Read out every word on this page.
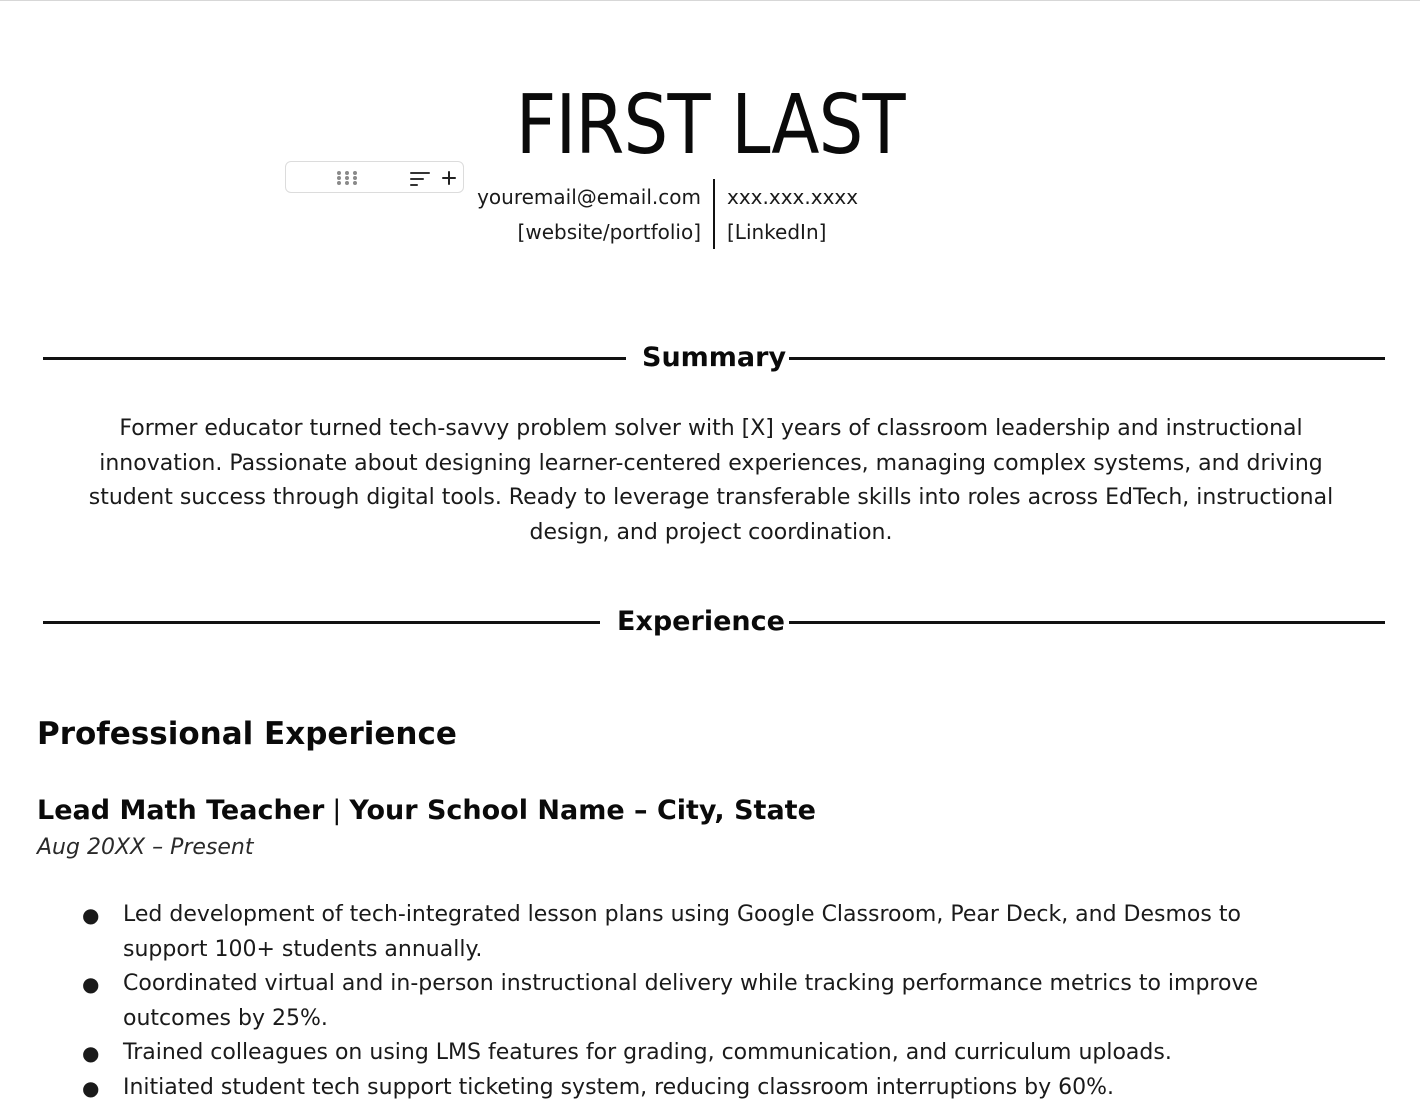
FIRST LAST
youremail@email.com
[website/portfolio]
xxx.xxx.xxxx
[LinkedIn]
Summary
Former educator turned tech-savvy problem solver with [X] years of classroom leadership and instructional innovation. Passionate about designing learner-centered experiences, managing complex systems, and driving student success through digital tools. Ready to leverage transferable skills into roles across EdTech, instructional design, and project coordination.
Experience
Professional Experience
Lead Math Teacher | Your School Name – City, State
Aug 20XX – Present
● Led development of tech-integrated lesson plans using Google Classroom, Pear Deck, and Desmos to support 100+ students annually.
● Coordinated virtual and in-person instructional delivery while tracking performance metrics to improve outcomes by 25%.
● Trained colleagues on using LMS features for grading, communication, and curriculum uploads.
● Initiated student tech support ticketing system, reducing classroom interruptions by 60%.
